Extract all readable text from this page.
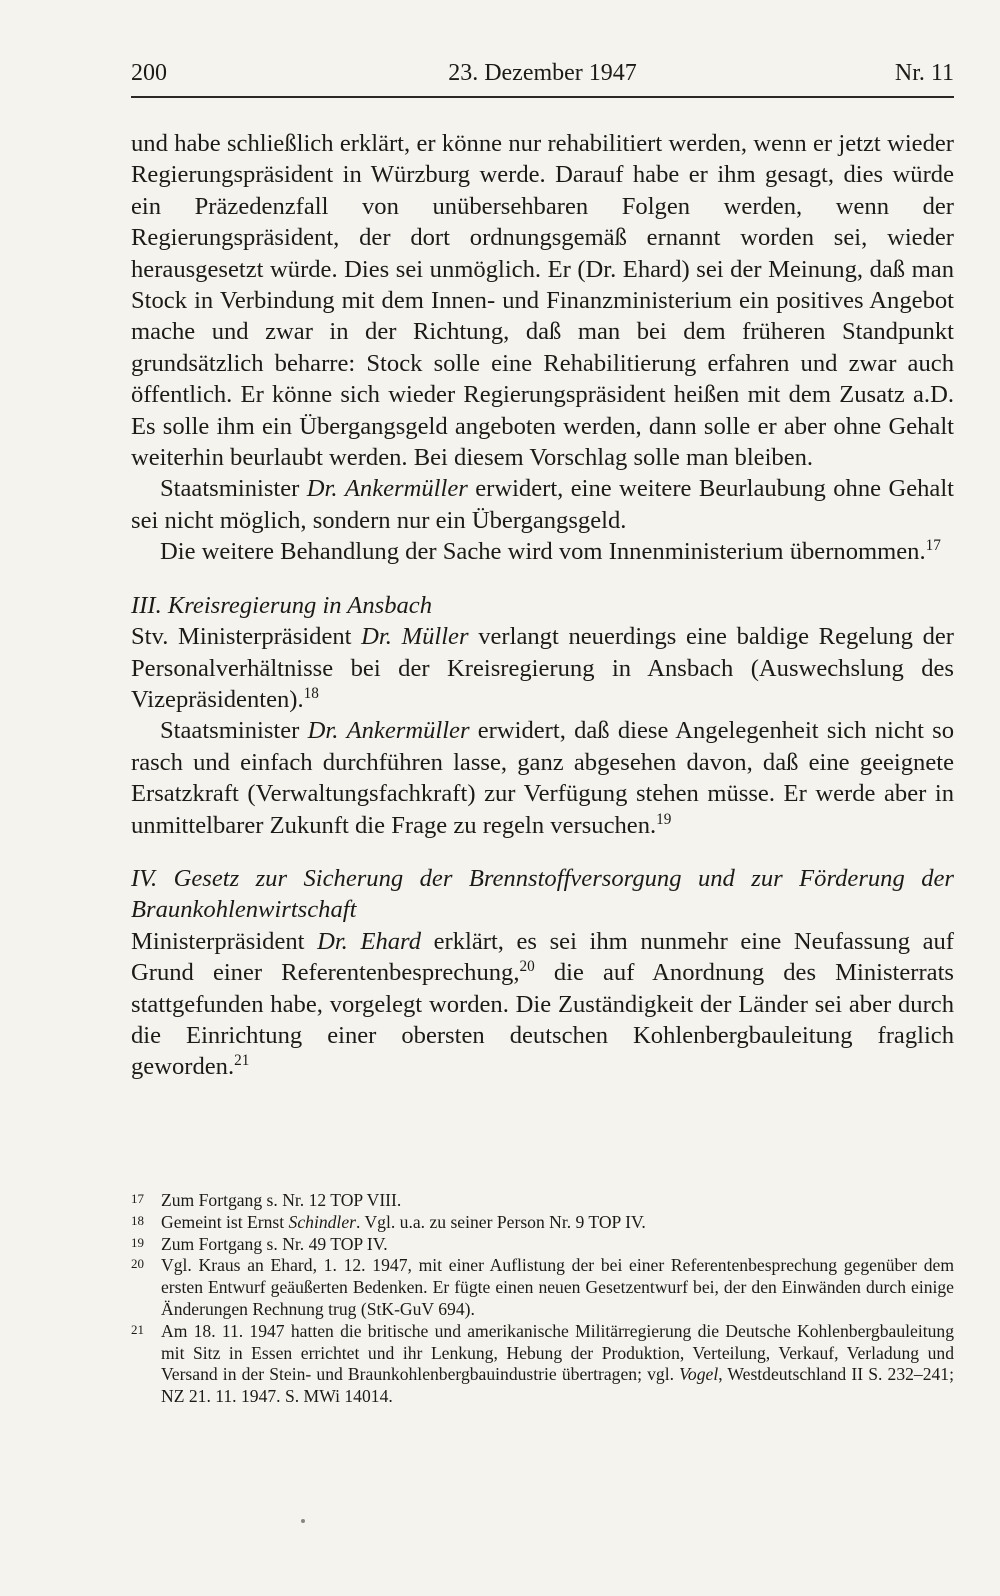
200	23. Dezember 1947	Nr. 11

und habe schließlich erklärt, er könne nur rehabilitiert werden, wenn er jetzt wieder Regierungspräsident in Würzburg werde. Darauf habe er ihm gesagt, dies würde ein Präzedenzfall von unübersehbaren Folgen werden, wenn der Regierungspräsident, der dort ordnungsgemäß ernannt worden sei, wieder herausgesetzt würde. Dies sei unmöglich. Er (Dr. Ehard) sei der Meinung, daß man Stock in Verbindung mit dem Innen- und Finanzministerium ein positives Angebot mache und zwar in der Richtung, daß man bei dem früheren Standpunkt grundsätzlich beharre: Stock solle eine Rehabilitierung erfahren und zwar auch öffentlich. Er könne sich wieder Regierungspräsident heißen mit dem Zusatz a.D. Es solle ihm ein Übergangsgeld angeboten werden, dann solle er aber ohne Gehalt weiterhin beurlaubt werden. Bei diesem Vorschlag solle man bleiben.

Staatsminister Dr. Ankermüller erwidert, eine weitere Beurlaubung ohne Gehalt sei nicht möglich, sondern nur ein Übergangsgeld.

Die weitere Behandlung der Sache wird vom Innenministerium übernommen.$^{17}$

III. Kreisregierung in Ansbach

Stv. Ministerpräsident Dr. Müller verlangt neuerdings eine baldige Regelung der Personalverhältnisse bei der Kreisregierung in Ansbach (Auswechslung des Vizepräsidenten).$^{18}$

Staatsminister Dr. Ankermüller erwidert, daß diese Angelegenheit sich nicht so rasch und einfach durchführen lasse, ganz abgesehen davon, daß eine geeignete Ersatzkraft (Verwaltungsfachkraft) zur Verfügung stehen müsse. Er werde aber in unmittelbarer Zukunft die Frage zu regeln versuchen.$^{19}$

IV. Gesetz zur Sicherung der Brennstoffversorgung und zur Förderung der Braunkohlenwirtschaft

Ministerpräsident Dr. Ehard erklärt, es sei ihm nunmehr eine Neufassung auf Grund einer Referentenbesprechung,$^{20}$ die auf Anordnung des Ministerrats stattgefunden habe, vorgelegt worden. Die Zuständigkeit der Länder sei aber durch die Einrichtung einer obersten deutschen Kohlenbergbauleitung fraglich geworden.$^{21}$

17 Zum Fortgang s. Nr. 12 TOP VIII.
18 Gemeint ist Ernst Schindler. Vgl. u.a. zu seiner Person Nr. 9 TOP IV.
19 Zum Fortgang s. Nr. 49 TOP IV.
20 Vgl. Kraus an Ehard, 1. 12. 1947, mit einer Auflistung der bei einer Referentenbesprechung gegenüber dem ersten Entwurf geäußerten Bedenken. Er fügte einen neuen Gesetzentwurf bei, der den Einwänden durch einige Änderungen Rechnung trug (StK-GuV 694).
21 Am 18. 11. 1947 hatten die britische und amerikanische Militärregierung die Deutsche Kohlenbergbauleitung mit Sitz in Essen errichtet und ihr Lenkung, Hebung der Produktion, Verteilung, Verkauf, Verladung und Versand in der Stein- und Braunkohlenbergbauindustrie übertragen; vgl. Vogel, Westdeutschland II S. 232–241; NZ 21. 11. 1947. S. MWi 14014.
